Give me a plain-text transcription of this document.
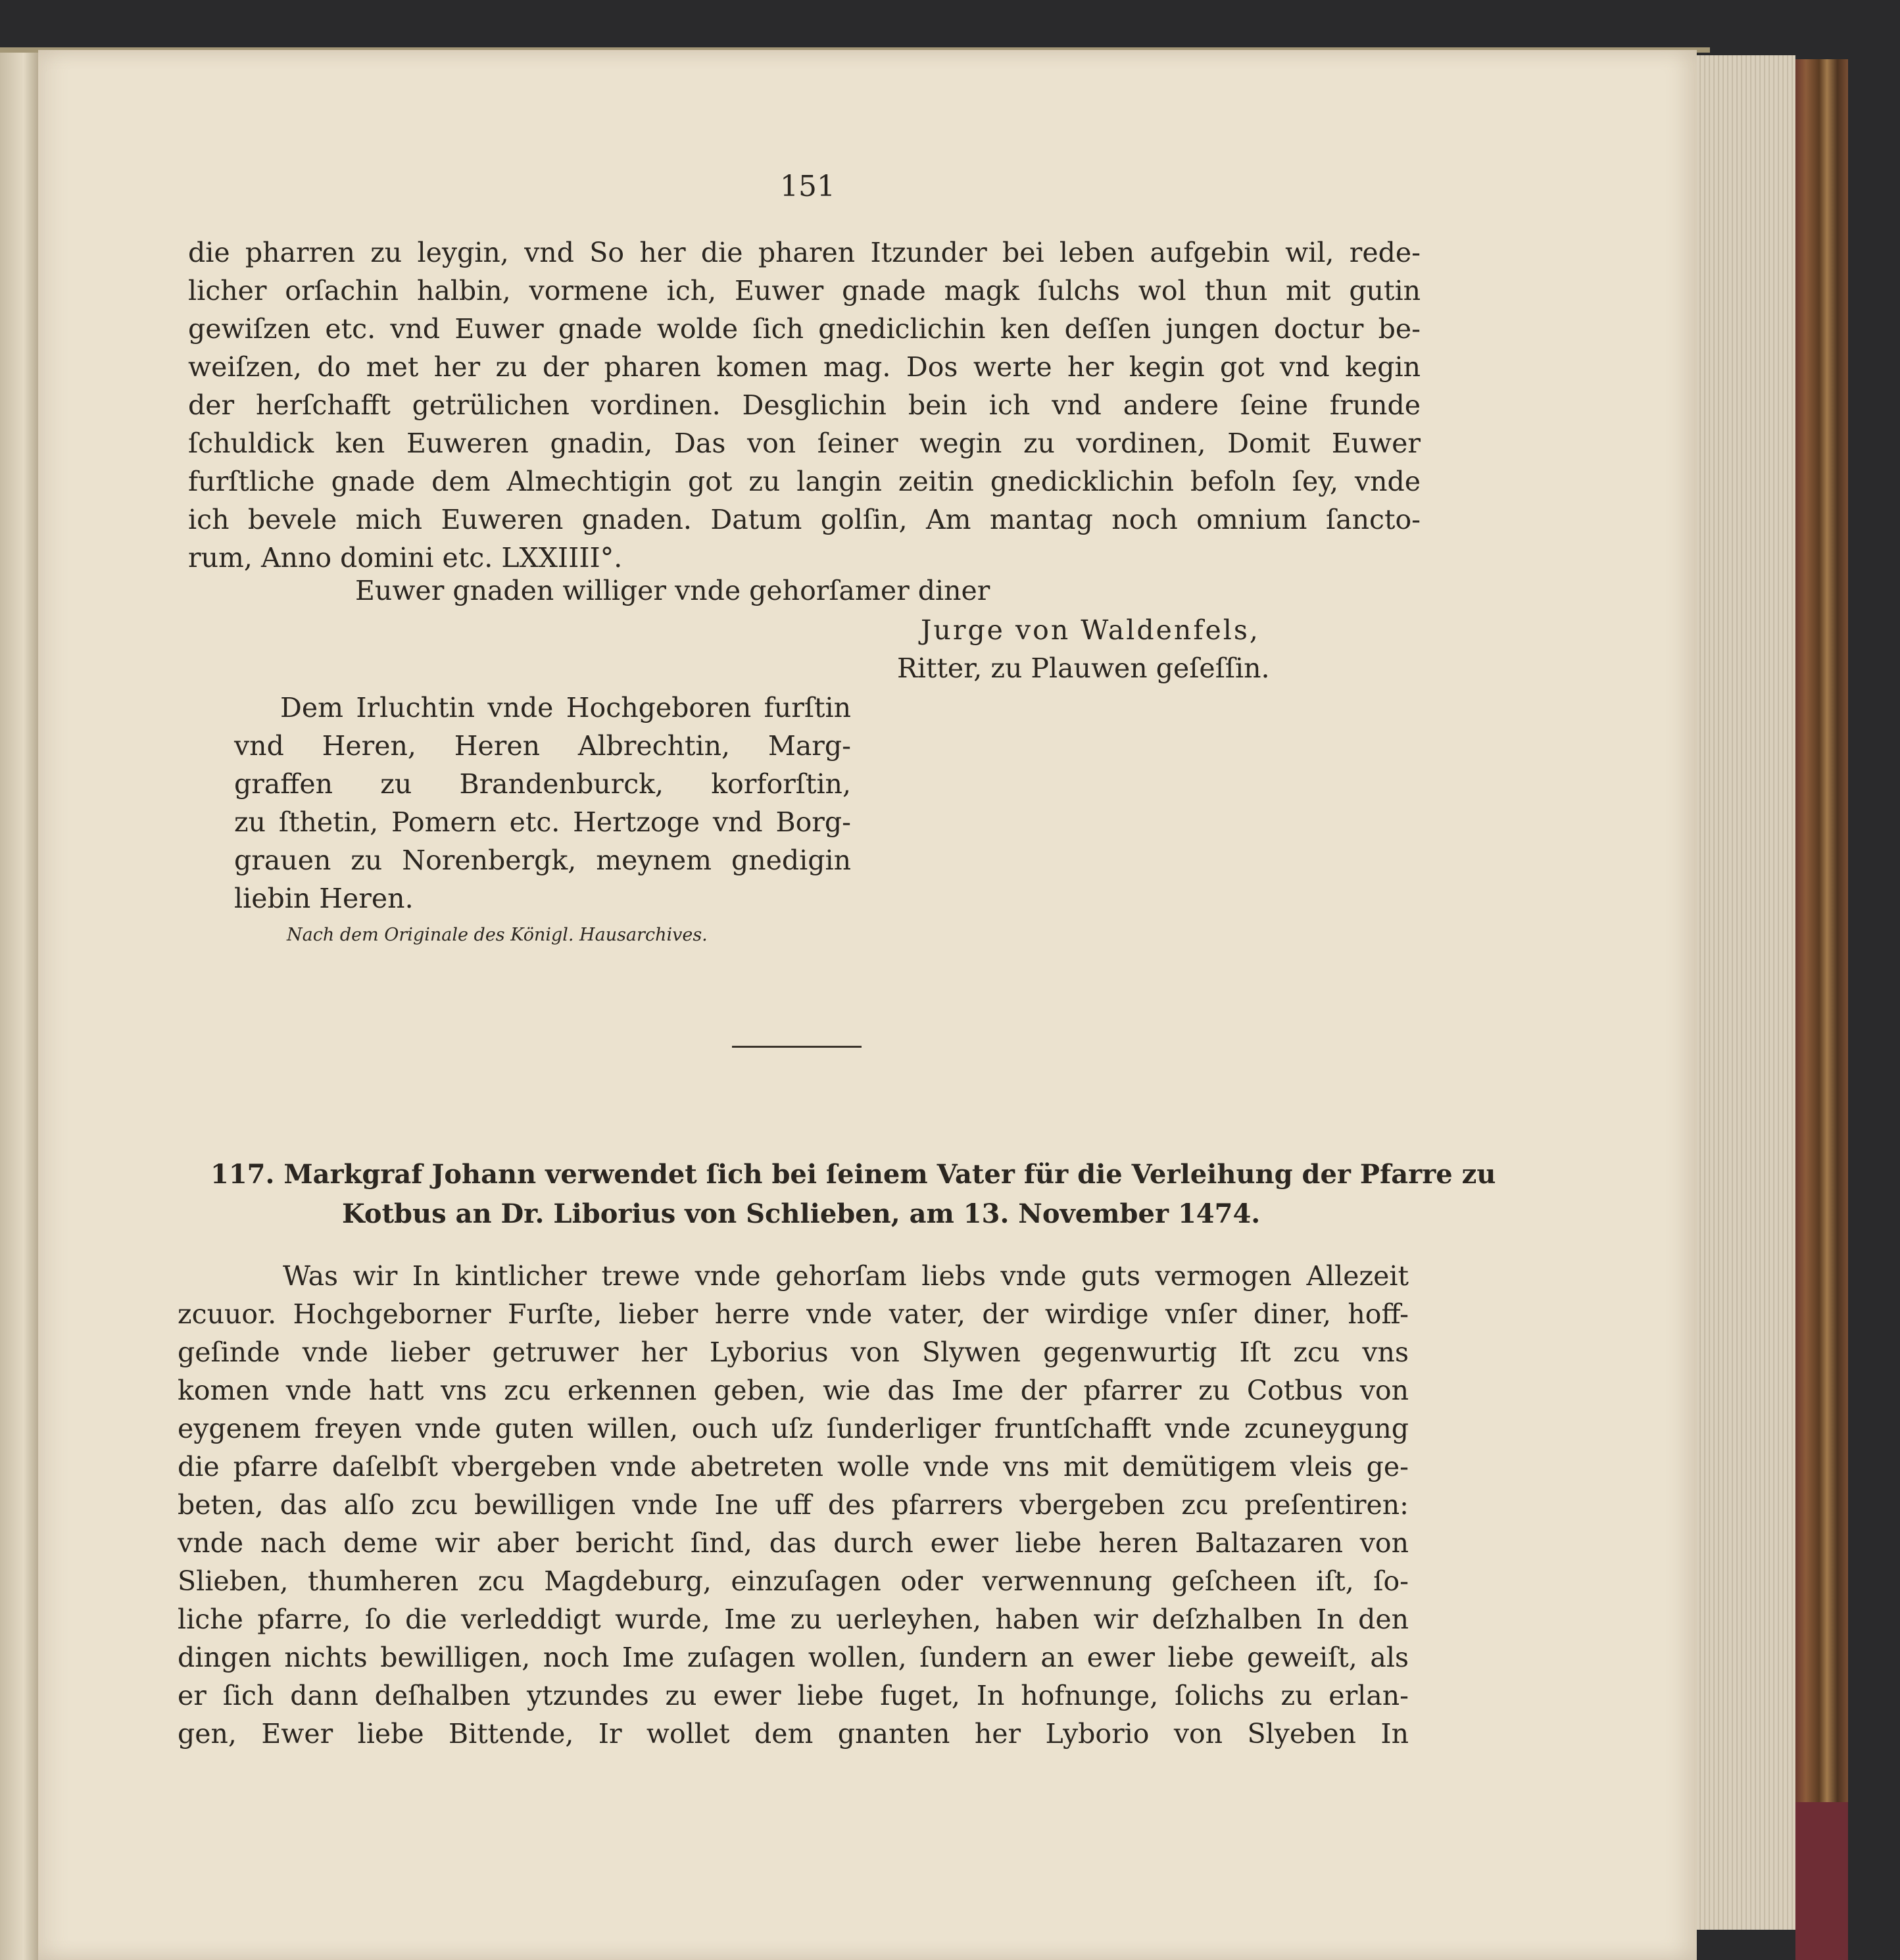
151
die pharren zu leygin, vnd So her die pharen Itzunder bei leben aufgebin wil, rede-
licher orſachin halbin, vormene ich, Euwer gnade magk ſulchs wol thun mit gutin
gewiſzen etc. vnd Euwer gnade wolde ſich gnediclichin ken deſſen jungen doctur be-
weiſzen, do met her zu der pharen komen mag. Dos werte her kegin got vnd kegin
der herſchafft getrülichen vordinen. Desglichin bein ich vnd andere ſeine frunde
ſchuldick ken Euweren gnadin, Das von ſeiner wegin zu vordinen, Domit Euwer
furſtliche gnade dem Almechtigin got zu langin zeitin gnedicklichin befoln ſey, vnde
ich bevele mich Euweren gnaden. Datum golſin, Am mantag noch omnium ſancto-
rum, Anno domini etc. LXXIIII°.
Euwer gnaden williger vnde gehorſamer diner
Jurge von Waldenfels,
Ritter, zu Plauwen geſeſſin.
Dem Irluchtin vnde Hochgeboren furſtin
vnd Heren, Heren Albrechtin, Marg-
graffen zu Brandenburck, korforſtin,
zu ſthetin, Pomern etc. Hertzoge vnd Borg-
grauen zu Norenbergk, meynem gnedigin
liebin Heren.
Nach dem Originale des Königl. Hausarchives.
117. Markgraf Johann verwendet ſich bei ſeinem Vater für die Verleihung der Pfarre zu
Kotbus an Dr. Liborius von Schlieben, am 13. November 1474.
Was wir In kintlicher trewe vnde gehorſam liebs vnde guts vermogen Allezeit
zcuuor. Hochgeborner Furſte, lieber herre vnde vater, der wirdige vnſer diner, hoff-
geſinde vnde lieber getruwer her Lyborius von Slywen gegenwurtig Iſt zcu vns
komen vnde hatt vns zcu erkennen geben, wie das Ime der pfarrer zu Cotbus von
eygenem freyen vnde guten willen, ouch uſz ſunderliger fruntſchafft vnde zcuneygung
die pfarre daſelbſt vbergeben vnde abetreten wolle vnde vns mit demütigem vleis ge-
beten, das alſo zcu bewilligen vnde Ine uff des pfarrers vbergeben zcu preſentiren:
vnde nach deme wir aber bericht ſind, das durch ewer liebe heren Baltazaren von
Slieben, thumheren zcu Magdeburg, einzuſagen oder verwennung geſcheen iſt, ſo-
liche pfarre, ſo die verleddigt wurde, Ime zu uerleyhen, haben wir deſzhalben In den
dingen nichts bewilligen, noch Ime zuſagen wollen, ſundern an ewer liebe geweiſt, als
er ſich dann deſhalben ytzundes zu ewer liebe fuget, In hofnunge, ſolichs zu erlan-
gen, Ewer liebe Bittende, Ir wollet dem gnanten her Lyborio von Slyeben In
